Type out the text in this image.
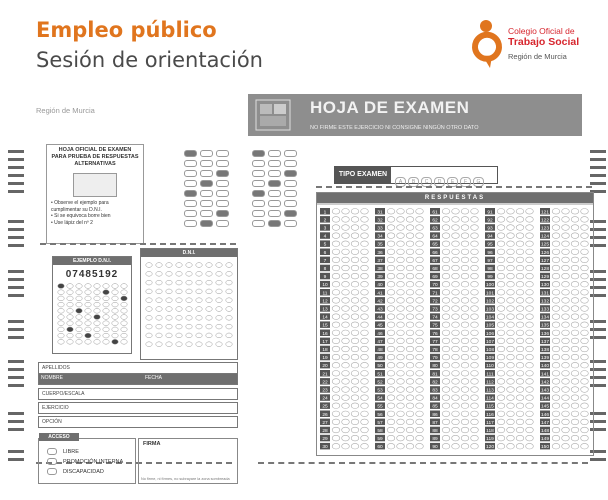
Empleo público
Sesión de orientación
Colegio Oficial de
Trabajo Social
Región de Murcia
Región de Murcia	HOJA DE EXAMEN
NO FIRME ESTE EJERCICIO NI CONSIGNE NINGÚN OTRO DATO
HOJA OFICIAL DE EXAMEN PARA PRUEBA DE RESPUESTAS ALTERNATIVAS
• Observe el ejemplo para cumplimentar su D.N.I.
• Si se equivoca borre bien
• Use lápiz del nº 2
TIPO EXAMEN
A B C D E F G
RESPUESTAS
1
2
3
4
5
6
7
8
9
10
11
12
13
14
15
16
17
18
19
20
21
22
23
24
25
26
27
28
29
30
31
32
33
34
35
36
37
38
39
40
41
42
43
44
45
46
47
48
49
50
51
52
53
54
55
56
57
58
59
60
61
62
63
64
65
66
67
68
69
70
71
72
73
74
75
76
77
78
79
80
81
82
83
84
85
86
87
88
89
90
91
92
93
94
95
96
97
98
99
100
101
102
103
104
105
106
107
108
109
110
111
112
113
114
115
116
117
118
119
120
121
122
123
124
125
126
127
128
129
130
131
132
133
134
135
136
137
138
139
140
141
142
143
144
145
146
147
148
149
150
EJEMPLO D.N.I.
07485192
D.N.I.
APELLIDOS
NOMBRE	FECHA
CUERPO/ESCALA
EJERCICIO
OPCIÓN
ACCESO
LIBRE
PROMOCIÓN INTERNA
DISCAPACIDAD
FIRMA
No firme, ni fírmes, no subrayare la zona sombreada
